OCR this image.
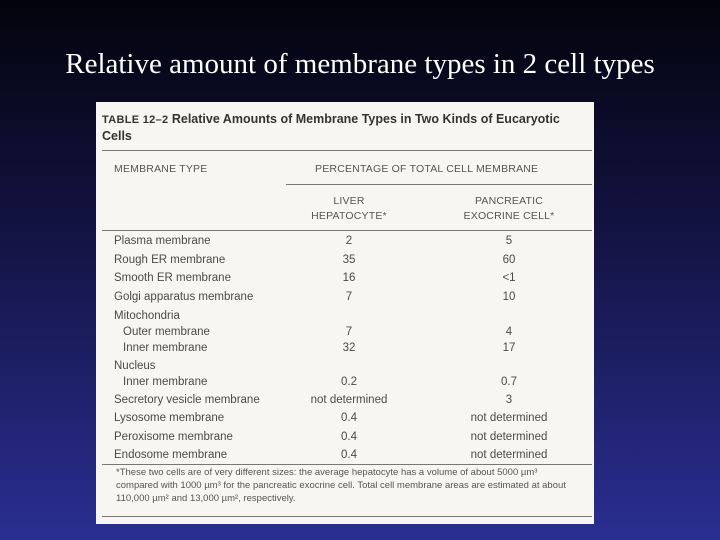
Relative amount of membrane types in 2 cell types
TABLE 12–2 Relative Amounts of Membrane Types in Two Kinds of Eucaryotic Cells
MEMBRANE TYPE	PERCENTAGE OF TOTAL CELL MEMBRANE
LIVER
HEPATOCYTE*
PANCREATIC
EXOCRINE CELL*
Plasma membrane	2	5
Rough ER membrane	35	60
Smooth ER membrane	16	<1
Golgi apparatus membrane	7	10
Mitochondria
Outer membrane	7	4
Inner membrane	32	17
Nucleus
Inner membrane	0.2	0.7
Secretory vesicle membrane	not determined	3
Lysosome membrane	0.4	not determined
Peroxisome membrane	0.4	not determined
Endosome membrane	0.4	not determined
*These two cells are of very different sizes: the average hepatocyte has a volume of about 5000 µm³ compared with 1000 µm³ for the pancreatic exocrine cell. Total cell membrane areas are estimated at about 110,000 µm² and 13,000 µm², respectively.
